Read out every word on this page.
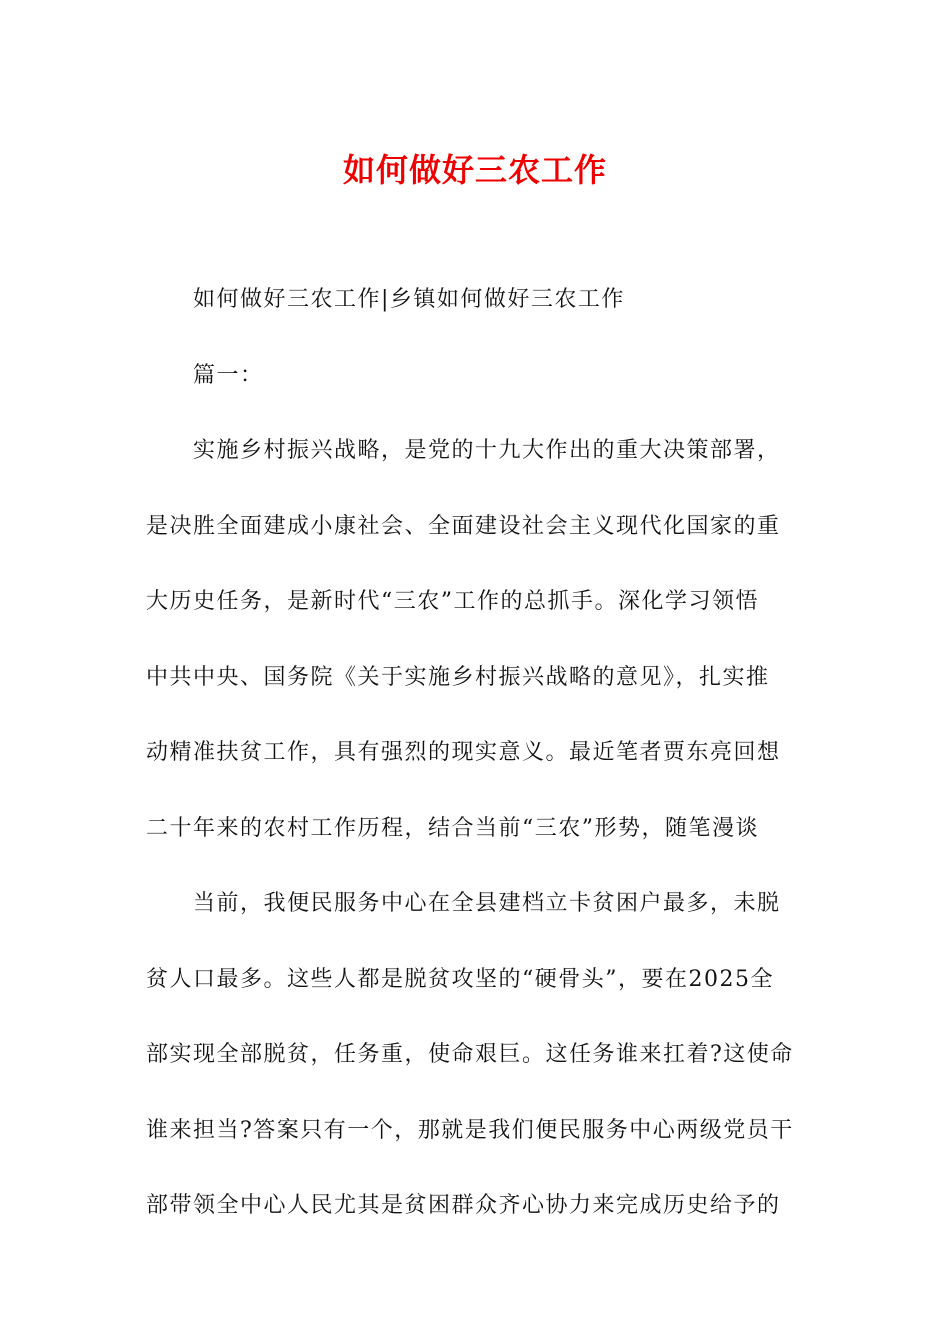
如何做好三农工作
如何做好三农工作|乡镇如何做好三农工作
篇一：
实施乡村振兴战略，是党的十九大作出的重大决策部署，
是决胜全面建成小康社会、全面建设社会主义现代化国家的重
大历史任务，是新时代“三农”工作的总抓手。深化学习领悟
中共中央、国务院《关于实施乡村振兴战略的意见》，扎实推
动精准扶贫工作，具有强烈的现实意义。最近笔者贾东亮回想
二十年来的农村工作历程，结合当前“三农”形势，随笔漫谈
当前，我便民服务中心在全县建档立卡贫困户最多，未脱
贫人口最多。这些人都是脱贫攻坚的“硬骨头”，要在2025全
部实现全部脱贫，任务重，使命艰巨。这任务谁来扛着?这使命
谁来担当?答案只有一个，那就是我们便民服务中心两级党员干
部带领全中心人民尤其是贫困群众齐心协力来完成历史给予的
